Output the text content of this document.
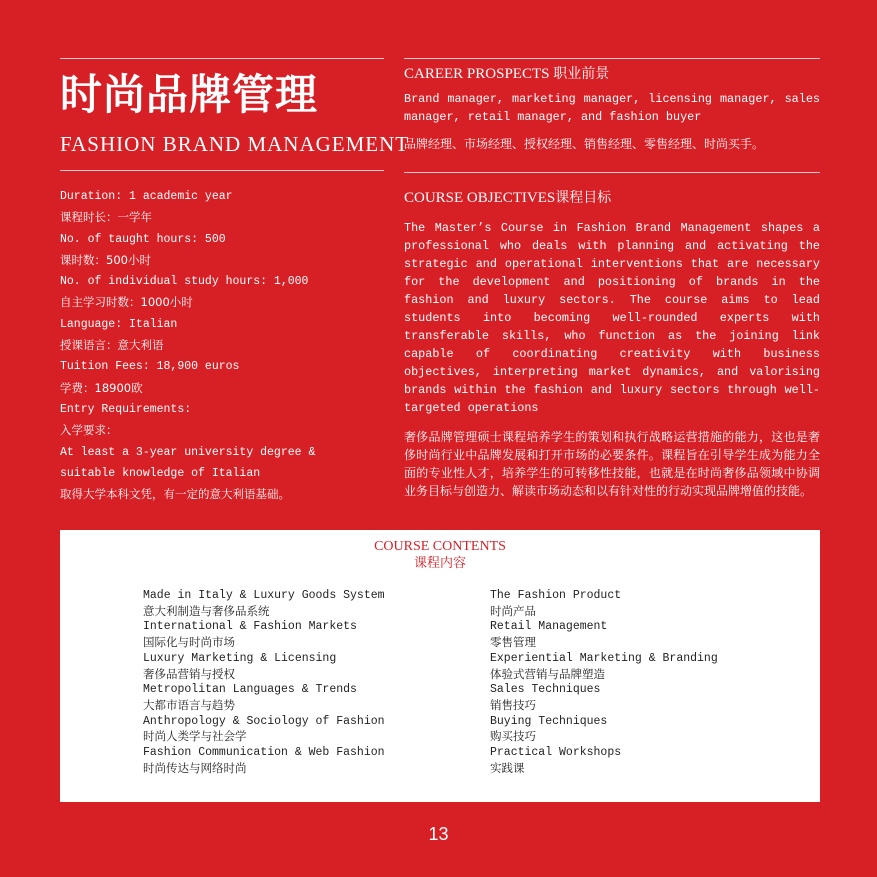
时尚品牌管理
FASHION BRAND MANAGEMENT
Duration: 1 academic year
课程时长：一学年
No. of taught hours: 500
课时数：500小时
No. of individual study hours: 1,000
自主学习时数：1000小时
Language: Italian
授课语言：意大利语
Tuition Fees: 18,900 euros
学费：18900欧
Entry Requirements:
入学要求：
At least a 3-year university degree &
suitable knowledge of Italian
取得大学本科文凭，有一定的意大利语基础。
CAREER PROSPECTS 职业前景

Brand manager, marketing manager, licensing manager, sales manager, retail manager, and fashion buyer

品牌经理、市场经理、授权经理、销售经理、零售经理、时尚买手。

COURSE OBJECTIVES课程目标

The Master’s Course in Fashion Brand Management shapes a professional who deals with planning and activating the strategic and operational interventions that are necessary for the development and positioning of brands in the fashion and luxury sectors. The course aims to lead students into becoming well-rounded experts with transferable skills, who function as the joining link capable of coordinating creativity with business objectives, interpreting market dynamics, and valorising brands within the fashion and luxury sectors through well-targeted operations

奢侈品牌管理硕士课程培养学生的策划和执行战略运营措施的能力，这也是奢侈时尚行业中品牌发展和打开市场的必要条件。课程旨在引导学生成为能力全面的专业性人才，培养学生的可转移性技能，也就是在时尚奢侈品领域中协调业务目标与创造力、解读市场动态和以有针对性的行动实现品牌增值的技能。

COURSE CONTENTS
课程内容
Made in Italy & Luxury Goods System
意大利制造与奢侈品系统
International & Fashion Markets
国际化与时尚市场
Luxury Marketing & Licensing
奢侈品营销与授权
Metropolitan Languages & Trends
大都市语言与趋势
Anthropology & Sociology of Fashion
时尚人类学与社会学
Fashion Communication & Web Fashion
时尚传达与网络时尚
The Fashion Product
时尚产品
Retail Management
零售管理
Experiential Marketing & Branding
体验式营销与品牌塑造
Sales Techniques
销售技巧
Buying Techniques
购买技巧
Practical Workshops
实践课
13
